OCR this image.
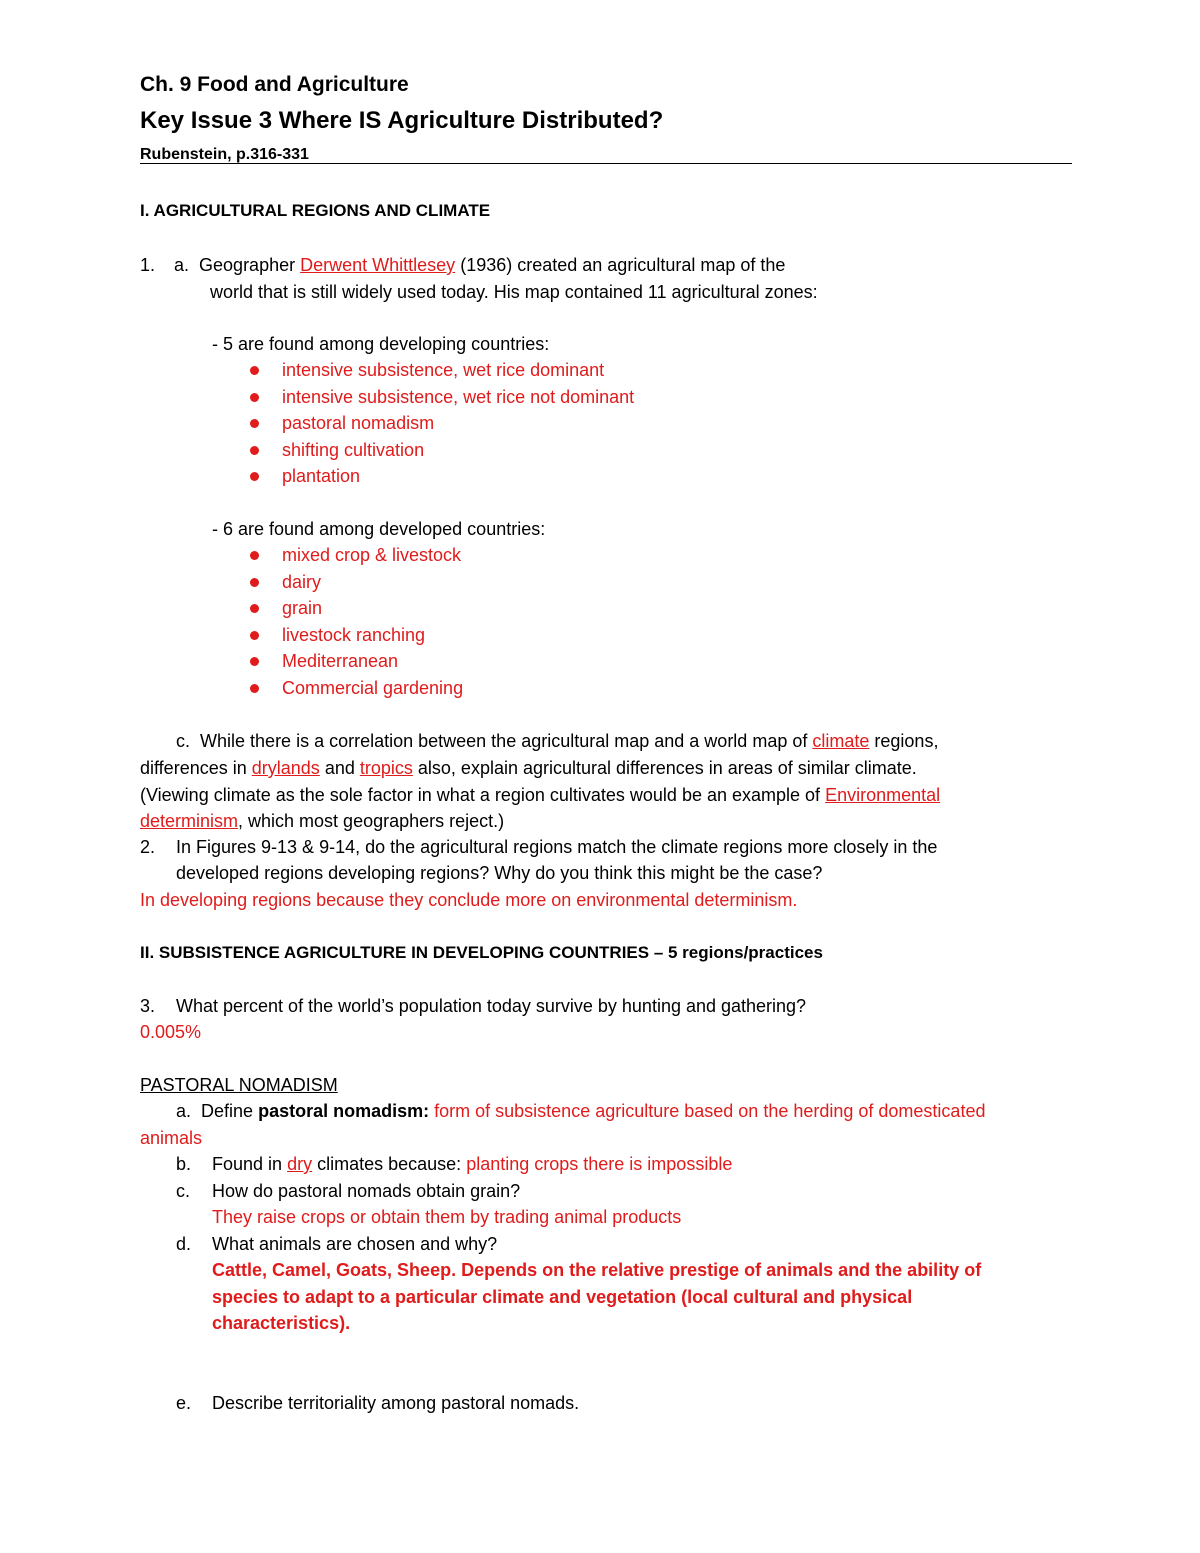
Ch. 9 Food and Agriculture
Key Issue 3 Where IS Agriculture Distributed?
Rubenstein, p.316-331
I. AGRICULTURAL REGIONS AND CLIMATE
1. a. Geographer Derwent Whittlesey (1936) created an agricultural map of the
world that is still widely used today. His map contained 11 agricultural zones:
- 5 are found among developing countries:
intensive subsistence, wet rice dominant
intensive subsistence, wet rice not dominant
pastoral nomadism
shifting cultivation
plantation
- 6 are found among developed countries:
mixed crop & livestock
dairy
grain
livestock ranching
Mediterranean
Commercial gardening
c. While there is a correlation between the agricultural map and a world map of climate regions,
differences in drylands and tropics also, explain agricultural differences in areas of similar climate.
(Viewing climate as the sole factor in what a region cultivates would be an example of Environmental
determinism, which most geographers reject.)
2. In Figures 9-13 & 9-14, do the agricultural regions match the climate regions more closely in the
developed regions developing regions? Why do you think this might be the case?
In developing regions because they conclude more on environmental determinism.
II. SUBSISTENCE AGRICULTURE IN DEVELOPING COUNTRIES – 5 regions/practices
3. What percent of the world’s population today survive by hunting and gathering?
0.005%
PASTORAL NOMADISM
a. Define pastoral nomadism: form of subsistence agriculture based on the herding of domesticated
animals
b. Found in dry climates because: planting crops there is impossible
c. How do pastoral nomads obtain grain?
They raise crops or obtain them by trading animal products
d. What animals are chosen and why?
Cattle, Camel, Goats, Sheep. Depends on the relative prestige of animals and the ability of
species to adapt to a particular climate and vegetation (local cultural and physical
characteristics).
e. Describe territoriality among pastoral nomads.
